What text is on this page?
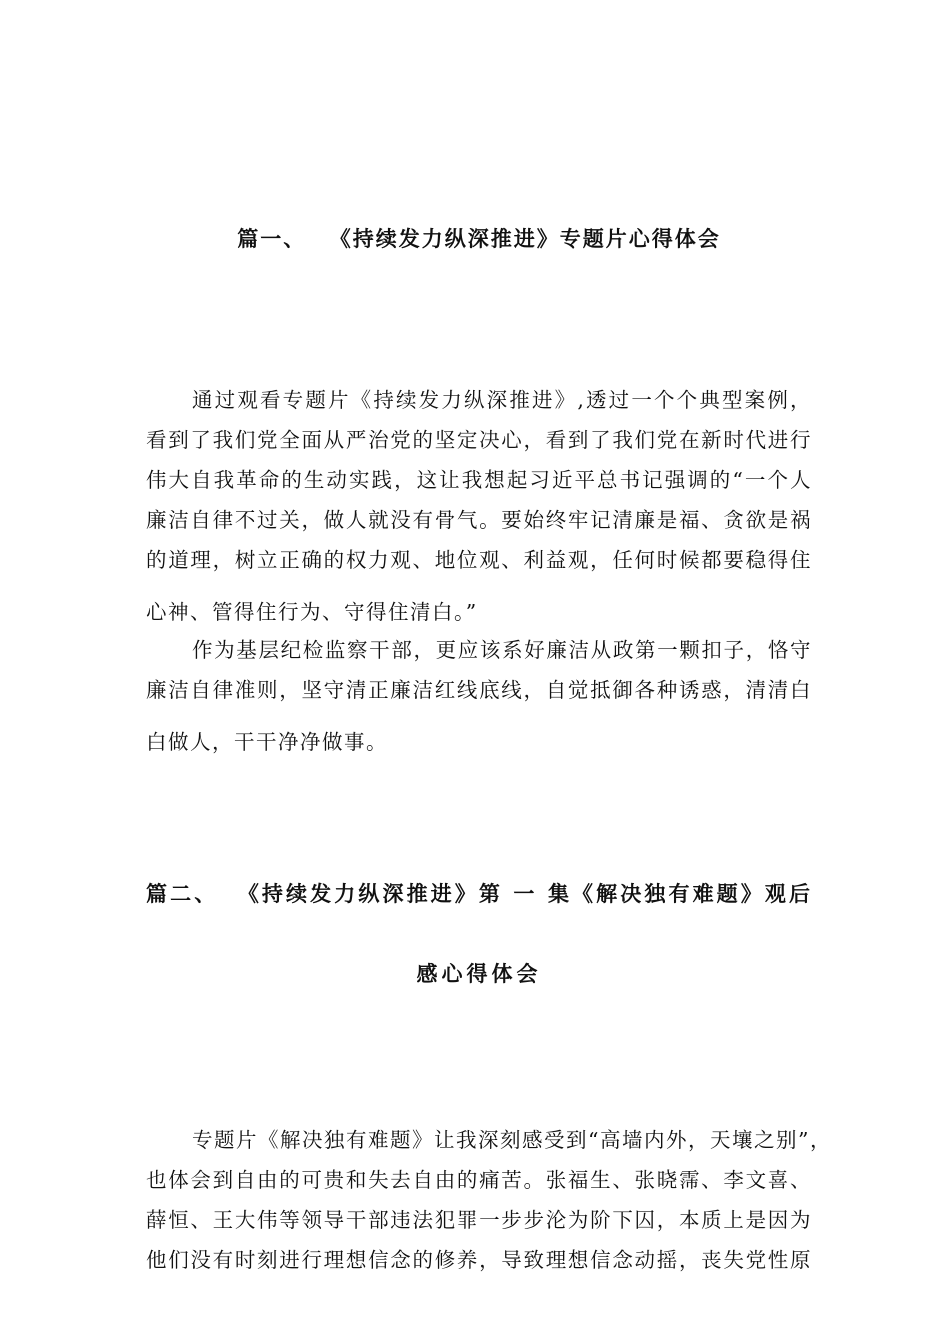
篇一、 《持续发力纵深推进》专题片心得体会
通过观看专题片《持续发力纵深推进》,透过一个个典型案例，
看到了我们党全面从严治党的坚定决心，看到了我们党在新时代进行
伟大自我革命的生动实践，这让我想起习近平总书记强调的“一个人
廉洁自律不过关，做人就没有骨气。要始终牢记清廉是福、贪欲是祸
的道理，树立正确的权力观、地位观、利益观，任何时候都要稳得住
心神、管得住行为、守得住清白。”
作为基层纪检监察干部，更应该系好廉洁从政第一颗扣子，恪守
廉洁自律准则，坚守清正廉洁红线底线，自觉抵御各种诱惑，清清白
白做人，干干净净做事。
篇二、 《持续发力纵深推进》第 一 集《解决独有难题》观后
感心得体会
专题片《解决独有难题》让我深刻感受到“高墙内外，天壤之别”，
也体会到自由的可贵和失去自由的痛苦。张福生、张晓霈、李文喜、
薛恒、王大伟等领导干部违法犯罪一步步沦为阶下囚，本质上是因为
他们没有时刻进行理想信念的修养，导致理想信念动摇，丧失党性原
